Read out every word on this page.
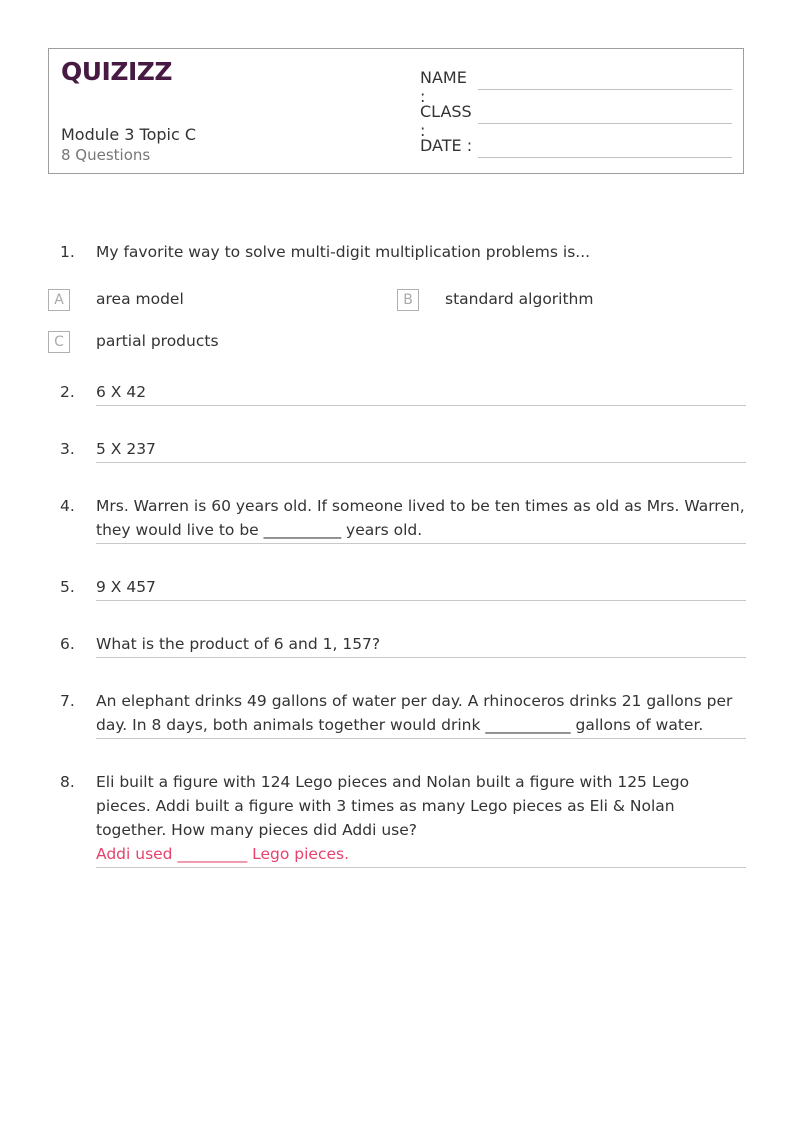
QUIZIZZ
Module 3 Topic C
8 Questions
NAME :
CLASS :
DATE :
1.	My favorite way to solve multi-digit multiplication problems is...
A	area model	B	standard algorithm
C	partial products
2.	6 X 42
3.	5 X 237
4.	Mrs. Warren is 60 years old. If someone lived to be ten times as old as Mrs. Warren, they would live to be __________ years old.
5.	9 X 457
6.	What is the product of 6 and 1, 157?
7.	An elephant drinks 49 gallons of water per day. A rhinoceros drinks 21 gallons per day. In 8 days, both animals together would drink ___________ gallons of water.
8.	Eli built a figure with 124 Lego pieces and Nolan built a figure with 125 Lego pieces. Addi built a figure with 3 times as many Lego pieces as Eli & Nolan together. How many pieces did Addi use?
Addi used _________ Lego pieces.
